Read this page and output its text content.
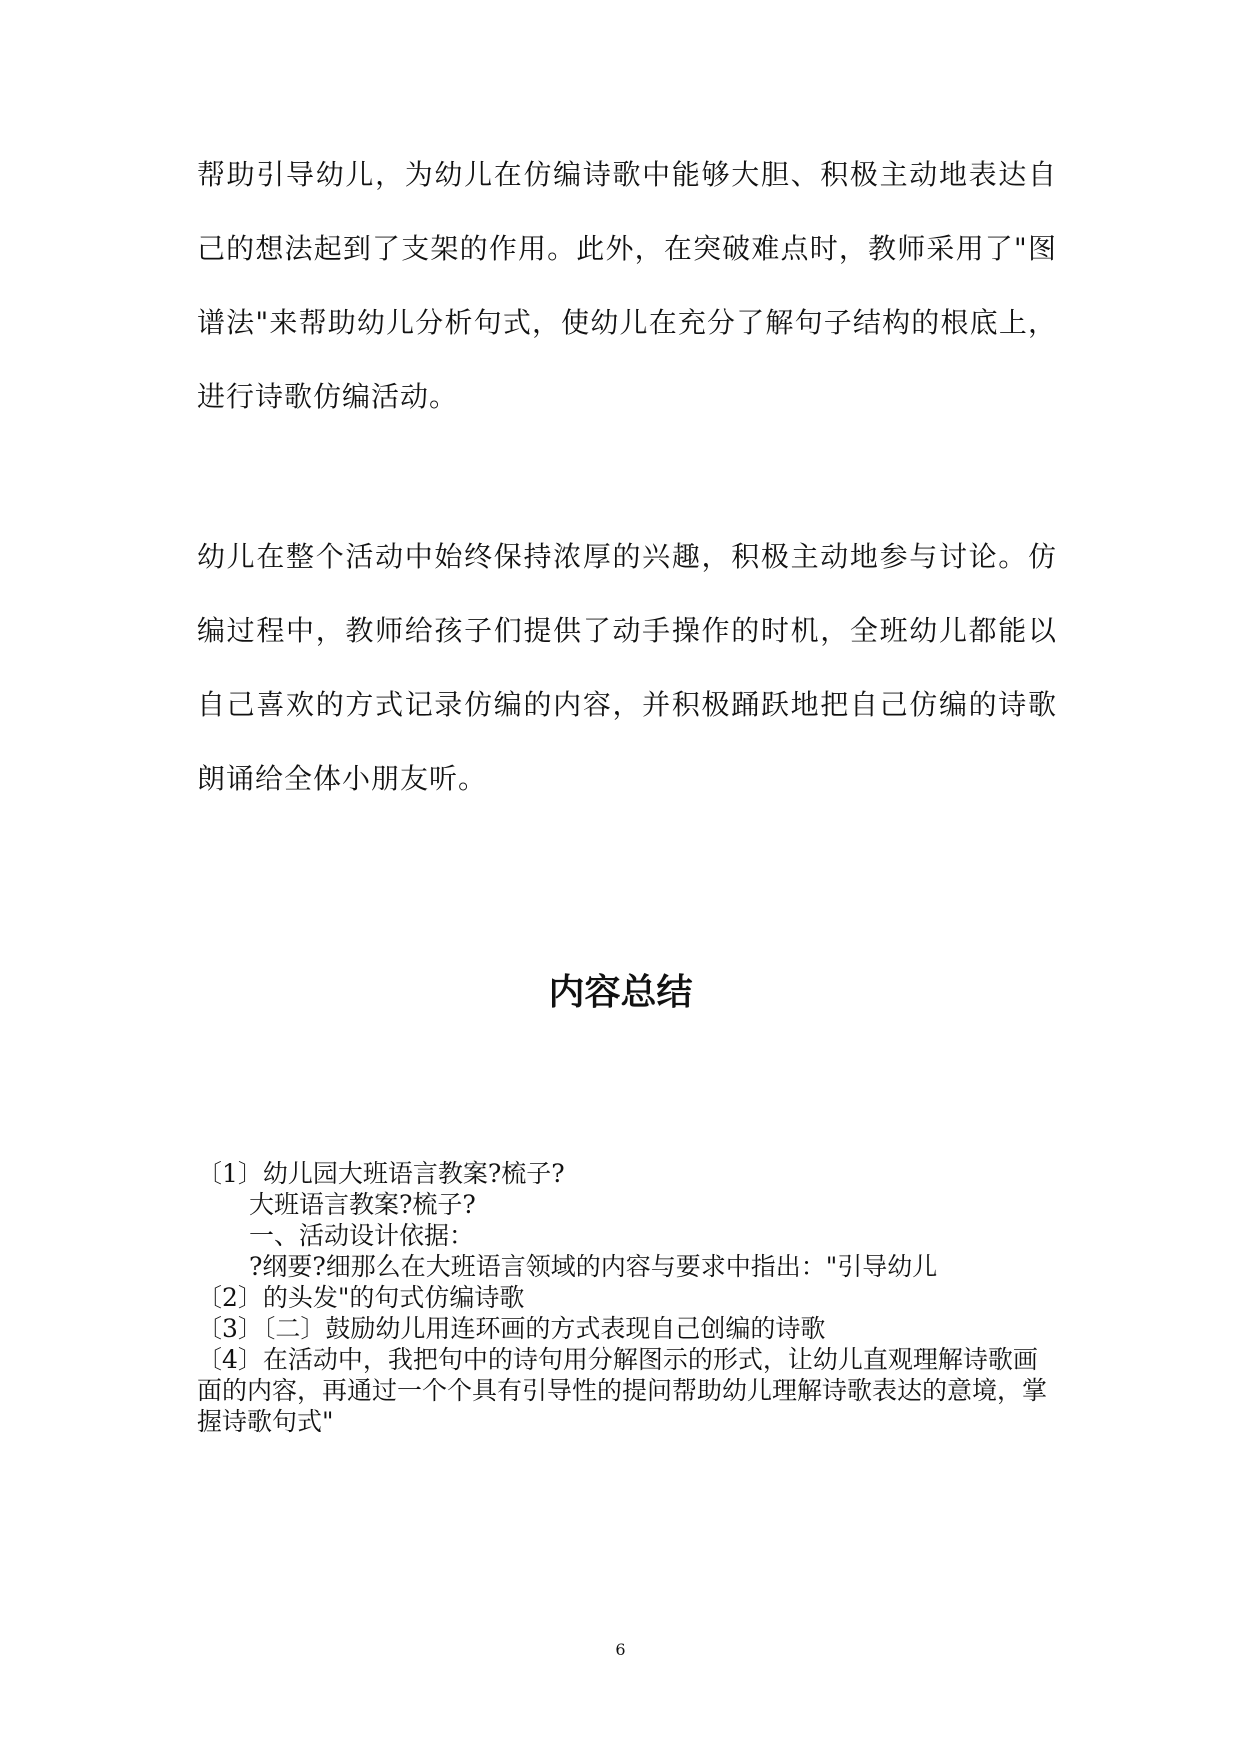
帮助引导幼儿，为幼儿在仿编诗歌中能够大胆、积极主动地表达自己的想法起到了支架的作用。此外，在突破难点时，教师采用了"图谱法"来帮助幼儿分析句式，使幼儿在充分了解句子结构的根底上，进行诗歌仿编活动。

幼儿在整个活动中始终保持浓厚的兴趣，积极主动地参与讨论。仿编过程中，教师给孩子们提供了动手操作的时机，全班幼儿都能以自己喜欢的方式记录仿编的内容，并积极踊跃地把自己仿编的诗歌朗诵给全体小朋友听。

内容总结
〔1〕幼儿园大班语言教案?梳子?
大班语言教案?梳子?
一、活动设计依据：
?纲要?细那么在大班语言领域的内容与要求中指出："引导幼儿
〔2〕的头发"的句式仿编诗歌
〔3〕〔二〕鼓励幼儿用连环画的方式表现自己创编的诗歌
〔4〕在活动中，我把句中的诗句用分解图示的形式，让幼儿直观理解诗歌画面的内容，再通过一个个具有引导性的提问帮助幼儿理解诗歌表达的意境，掌握诗歌句式"
6
